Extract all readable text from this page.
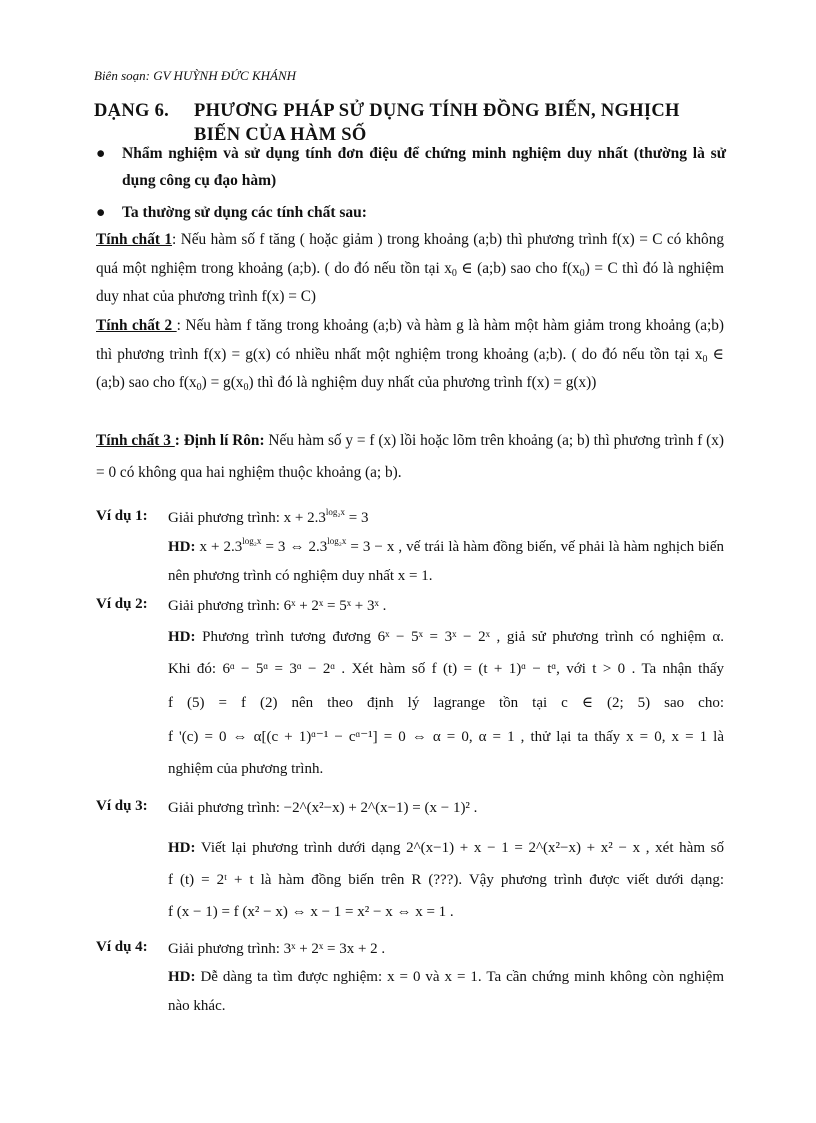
Biên soạn: GV HUỲNH ĐỨC KHÁNH
DẠNG 6. PHƯƠNG PHÁP SỬ DỤNG TÍNH ĐỒNG BIẾN, NGHỊCH
BIẾN CỦA HÀM SỐ
●	Nhẩm nghiệm và sử dụng tính đơn điệu để chứng minh nghiệm duy nhất (thường là sử dụng công cụ đạo hàm)
●	Ta thường sử dụng các tính chất sau:
Tính chất 1: Nếu hàm số f tăng ( hoặc giảm ) trong khoảng (a;b) thì phương trình f(x) = C có không quá một nghiệm trong khoảng (a;b). ( do đó nếu tồn tại $x_0$ ∈ (a;b) sao cho $f(x_0) = C$ thì đó là nghiệm duy nhat của phương trình f(x) = C)
Tính chất 2 : Nếu hàm f tăng trong khoảng (a;b) và hàm g là hàm một hàm giảm trong khoảng (a;b) thì phương trình f(x) = g(x) có nhiều nhất một nghiệm trong khoảng (a;b). ( do đó nếu tồn tại $x_0$ ∈ (a;b) sao cho $f(x_0) = g(x_0)$ thì đó là nghiệm duy nhất của phương trình f(x) = g(x))
Tính chất 3 : Định lí Rôn: Nếu hàm số y = f (x) lồi hoặc lõm trên khoảng (a; b) thì phương trình f (x) = 0 có không qua hai nghiệm thuộc khoảng (a; b).
Ví dụ 1: Giải phương trình: $x + 2.3^{log_2x} = 3$
HD: $x + 2.3^{log_2x} = 3$ ⇔ $2.3^{log_2x} = 3 - x$ , vế trái là hàm đồng biến, vế phải là hàm nghịch biến nên phương trình có nghiệm duy nhất x = 1.
Ví dụ 2: Giải phương trình: 6ˣ + 2ˣ = 5ˣ + 3ˣ .
HD: Phương trình tương đương 6ˣ − 5ˣ = 3ˣ − 2ˣ , giả sử phương trình có nghiệm α.
Khi đó: 6ᵅ − 5ᵅ = 3ᵅ − 2ᵅ . Xét hàm số f (t) = (t + 1)ᵅ − tᵅ, với t > 0 . Ta nhận thấy
f (5) = f (2) nên theo định lý lagrange tồn tại c ∈ (2; 5) sao cho:
f '(c) = 0 ⇔ α[(c + 1)ᵅ⁻¹ − cᵅ⁻¹] = 0 ⇔ α = 0, α = 1 , thử lại ta thấy x = 0, x = 1 là
nghiệm của phương trình.
Ví dụ 3: Giải phương trình: −2^(x²−x) + 2^(x−1) = (x − 1)² .
HD: Viết lại phương trình dưới dạng 2^(x−1) + x − 1 = 2^(x²−x) + x² − x , xét hàm số
f (t) = 2ᵗ + t là hàm đồng biến trên R (???). Vậy phương trình được viết dưới dạng:
f (x − 1) = f (x² − x) ⇔ x − 1 = x² − x ⇔ x = 1 .
Ví dụ 4: Giải phương trình: 3ˣ + 2ˣ = 3x + 2 .
HD: Dễ dàng ta tìm được nghiệm: x = 0 và x = 1. Ta cần chứng minh không còn nghiệm nào khác.
